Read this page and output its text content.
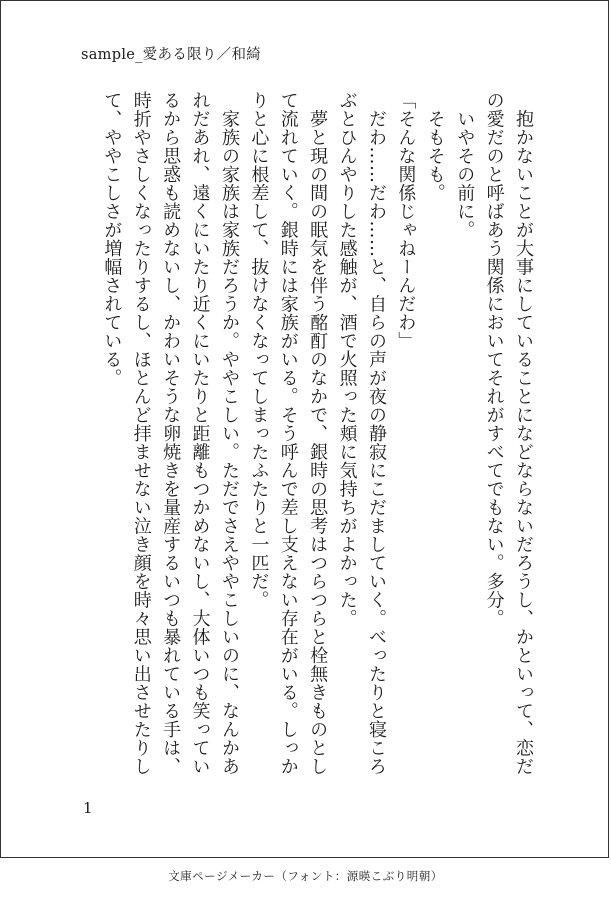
sample_愛ある限り／和綺

　抱かないことが大事にしていることになどならないだろうし、かといって、恋だの愛だのと呼ばあう関係においてそれがすべてでもない。多分。

　いやその前に。

　そもそも。

「そんな関係じゃねーんだわ」

　だわ……だわ……と、自らの声が夜の静寂にこだましていく。べったりと寝ころぶとひんやりした感触が、酒で火照った頬に気持ちがよかった。

　夢と現の間の眠気を伴う酩酊のなかで、銀時の思考はつらつらと栓無きものとして流れていく。銀時には家族がいる。そう呼んで差し支えない存在がいる。しっかりと心に根差して、抜けなくなってしまったふたりと一匹だ。

　家族の家族は家族だろうか。ややこしい。ただでさえややこしいのに、なんかあれだあれ、遠くにいたり近くにいたりと距離もつかめないし、大体いつも笑っているから思惑も読めないし、かわいそうな卵焼きを量産するいつも暴れている手は、時折やさしくなったりするし、ほとんど拝ませない泣き顔を時々思い出させたりして、ややこしさが増幅されている。

1
文庫ページメーカー（フォント：源暎こぶり明朝）
